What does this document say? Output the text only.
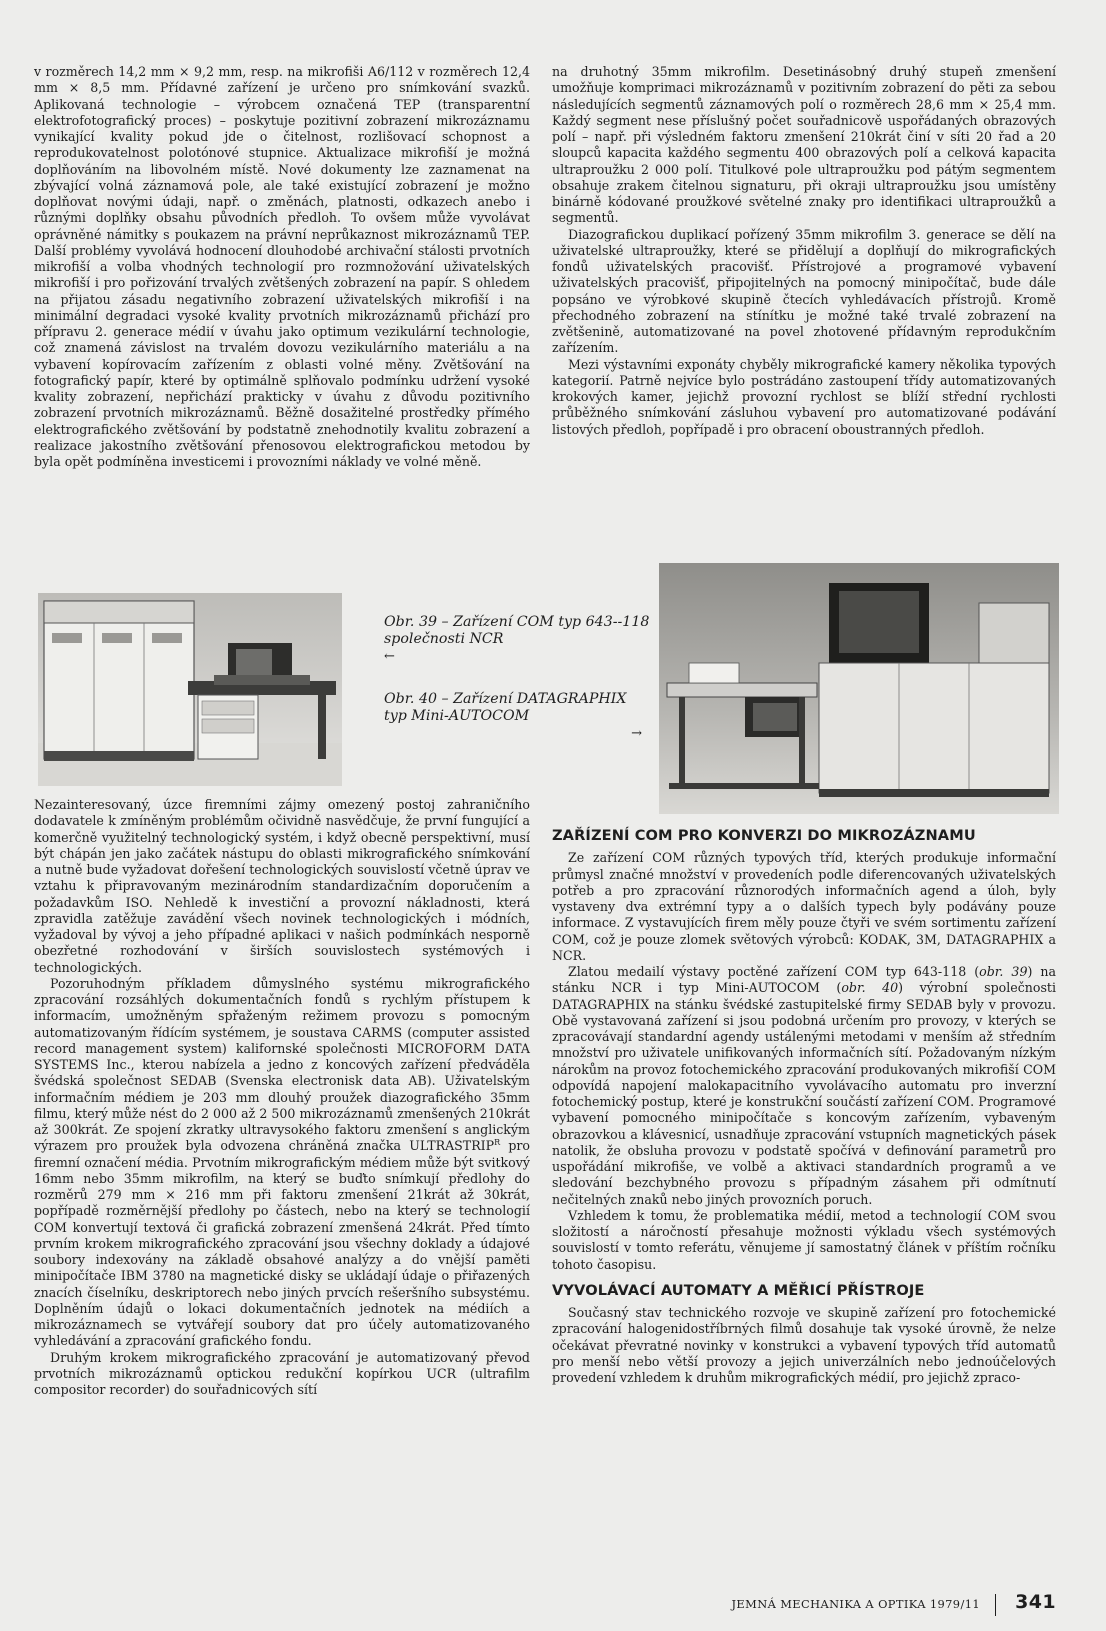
v rozměrech 14,2 mm × 9,2 mm, resp. na mikrofiši A6/112 v rozměrech 12,4 mm × 8,5 mm. Přídavné zařízení je určeno pro snímkování svazků. Aplikovaná technologie – výrobcem označená TEP (transparentní elektrofotografický proces) – poskytuje pozitivní zobrazení mikrozáznamu vynikající kvality pokud jde o čitelnost, rozlišovací schopnost a reprodukovatelnost polotónové stupnice. Aktualizace mikrofiší je možná doplňováním na libovolném místě. Nové dokumenty lze zaznamenat na zbývající volná záznamová pole, ale také existující zobrazení je možno doplňovat novými údaji, např. o změnách, platnosti, odkazech anebo i různými doplňky obsahu původních předloh. To ovšem může vyvolávat oprávněné námitky s poukazem na právní neprůkaznost mikrozáznamů TEP. Další problémy vyvolává hodnocení dlouhodobé archivační stálosti prvotních mikrofiší a volba vhodných technologií pro rozmnožování uživatelských mikrofiší i pro pořizování trvalých zvětšených zobrazení na papír. S ohledem na přijatou zásadu negativního zobrazení uživatelských mikrofiší i na minimální degradaci vysoké kvality prvotních mikrozáznamů přichází pro přípravu 2. generace médií v úvahu jako optimum vezikulární technologie, což znamená závislost na trvalém dovozu vezikulárního materiálu a na vybavení kopírovacím zařízením z oblasti volné měny. Zvětšování na fotografický papír, které by optimálně splňovalo podmínku udržení vysoké kvality zobrazení, nepřichází prakticky v úvahu z důvodu pozitivního zobrazení prvotních mikrozáznamů. Běžně dosažitelné prostředky přímého elektrografického zvětšování by podstatně znehodnotily kvalitu zobrazení a realizace jakostního zvětšování přenosovou elektrografickou metodou by byla opět podmíněna investicemi i provozními náklady ve volné měně.

na druhotný 35mm mikrofilm. Desetinásobný druhý stupeň zmenšení umožňuje komprimaci mikrozáznamů v pozitivním zobrazení do pěti za sebou následujících segmentů záznamových polí o rozměrech 28,6 mm × 25,4 mm. Každý segment nese příslušný počet souřadnicově uspořádaných obrazových polí – např. při výsledném faktoru zmenšení 210krát činí v síti 20 řad a 20 sloupců kapacita každého segmentu 400 obrazových polí a celková kapacita ultraproužku 2 000 polí. Titulkové pole ultraproužku pod pátým segmentem obsahuje zrakem čitelnou signaturu, při okraji ultraproužku jsou umístěny binárně kódované proužkové světelné znaky pro identifikaci ultraproužků a segmentů.

Diazografickou duplikací pořízený 35mm mikrofilm 3. generace se dělí na uživatelské ultraproužky, které se přidělují a doplňují do mikrografických fondů uživatelských pracovišť. Přístrojové a programové vybavení uživatelských pracovišť, připojitelných na pomocný minipočítač, bude dále popsáno ve výrobkové skupině čtecích vyhledávacích přístrojů. Kromě přechodného zobrazení na stínítku je možné také trvalé zobrazení na zvětšenině, automatizované na povel zhotovené přídavným reprodukčním zařízením.

Mezi výstavními exponáty chyběly mikrografické kamery několika typových kategorií. Patrně nejvíce bylo postrádáno zastoupení třídy automatizovaných krokových kamer, jejichž provozní rychlost se blíží střední rychlosti průběžného snímkování zásluhou vybavení pro automatizované podávání listových předloh, popřípadě i pro obracení oboustranných předloh.

Obr. 39 – Zařízení COM typ 643--118 společnosti NCR
←

Obr. 40 – Zařízení DATAGRAPHIX typ Mini-AUTOCOM
→

Nezainteresovaný, úzce firemními zájmy omezený postoj zahraničního dodavatele k zmíněným problémům očividně nasvědčuje, že první fungující a komerčně využitelný technologický systém, i když obecně perspektivní, musí být chápán jen jako začátek nástupu do oblasti mikrografického snímkování a nutně bude vyžadovat dořešení technologických souvislostí včetně úprav ve vztahu k připravovaným mezinárodním standardizačním doporučením a požadavkům ISO. Nehledě k investiční a provozní nákladnosti, která zpravidla zatěžuje zavádění všech novinek technologických i módních, vyžadoval by vývoj a jeho případné aplikaci v našich podmínkách nesporně obezřetné rozhodování v širších souvislostech systémových i technologických.

Pozoruhodným příkladem důmyslného systému mikrografického zpracování rozsáhlých dokumentačních fondů s rychlým přístupem k informacím, umožněným spřaženým režimem provozu s pomocným automatizovaným řídícím systémem, je soustava CARMS (computer assisted record management system) kalifornské společnosti MICROFORM DATA SYSTEMS Inc., kterou nabízela a jedno z koncových zařízení předváděla švédská společnost SEDAB (Svenska electronisk data AB). Uživatelským informačním médiem je 203 mm dlouhý proužek diazografického 35mm filmu, který může nést do 2 000 až 2 500 mikrozáznamů zmenšených 210krát až 300krát. Ze spojení zkratky ultravysokého faktoru zmenšení s anglickým výrazem pro proužek byla odvozena chráněná značka $ULTRASTRIP^R$ pro firemní označení média. Prvotním mikrografickým médiem může být svitkový 16mm nebo 35mm mikrofilm, na který se buďto snímkují předlohy do rozměrů 279 mm × 216 mm při faktoru zmenšení 21krát až 30krát, popřípadě rozměrnější předlohy po částech, nebo na který se technologií COM konvertují textová či grafická zobrazení zmenšená 24krát. Před tímto prvním krokem mikrografického zpracování jsou všechny doklady a údajové soubory indexovány na základě obsahové analýzy a do vnější paměti minipočítače IBM 3780 na magnetické disky se ukládají údaje o přiřazených znacích číselníku, deskriptorech nebo jiných prvcích rešeršního subsystému. Doplněním údajů o lokaci dokumentačních jednotek na médiích a mikrozáznamech se vytvářejí soubory dat pro účely automatizovaného vyhledávání a zpracování grafického fondu.

Druhým krokem mikrografického zpracování je automatizovaný převod prvotních mikrozáznamů optickou redukční kopírkou UCR (ultrafilm compositor recorder) do souřadnicových sítí

ZAŘÍZENÍ COM PRO KONVERZI DO MIKROZÁZNAMU

Ze zařízení COM různých typových tříd, kterých produkuje informační průmysl značné množství v provedeních podle diferencovaných uživatelských potřeb a pro zpracování různorodých informačních agend a úloh, byly vystaveny dva extrémní typy a o dalších typech byly podávány pouze informace. Z vystavujících firem měly pouze čtyři ve svém sortimentu zařízení COM, což je pouze zlomek světových výrobců: KODAK, 3M, DATAGRAPHIX a NCR.

Zlatou medailí výstavy poctěné zařízení COM typ 643-118 (obr. 39) na stánku NCR i typ Mini-AUTOCOM (obr. 40) výrobní společnosti DATAGRAPHIX na stánku švédské zastupitelské firmy SEDAB byly v provozu. Obě vystavovaná zařízení si jsou podobná určením pro provozy, v kterých se zpracovávají standardní agendy ustálenými metodami v menším až středním množství pro uživatele unifikovaných informačních sítí. Požadovaným nízkým nárokům na provoz fotochemického zpracování produkovaných mikrofiší COM odpovídá napojení malokapacitního vyvolávacího automatu pro inverzní fotochemický postup, které je konstrukční součástí zařízení COM. Programové vybavení pomocného minipočítače s koncovým zařízením, vybaveným obrazovkou a klávesnicí, usnadňuje zpracování vstupních magnetických pásek natolik, že obsluha provozu v podstatě spočívá v definování parametrů pro uspořádání mikrofiše, ve volbě a aktivaci standardních programů a ve sledování bezchybného provozu s případným zásahem při odmítnutí nečitelných znaků nebo jiných provozních poruch.

Vzhledem k tomu, že problematika médií, metod a technologií COM svou složitostí a náročností přesahuje možnosti výkladu všech systémových souvislostí v tomto referátu, věnujeme jí samostatný článek v příštím ročníku tohoto časopisu.

VYVOLÁVACÍ AUTOMATY A MĚŘICÍ PŘÍSTROJE

Současný stav technického rozvoje ve skupině zařízení pro fotochemické zpracování halogenidostříbrných filmů dosahuje tak vysoké úrovně, že nelze očekávat převratné novinky v konstrukci a vybavení typových tříd automatů pro menší nebo větší provozy a jejich univerzálních nebo jednoúčelových provedení vzhledem k druhům mikrografických médií, pro jejichž zpraco-

JEMNÁ MECHANIKA A OPTIKA 1979/11 341
